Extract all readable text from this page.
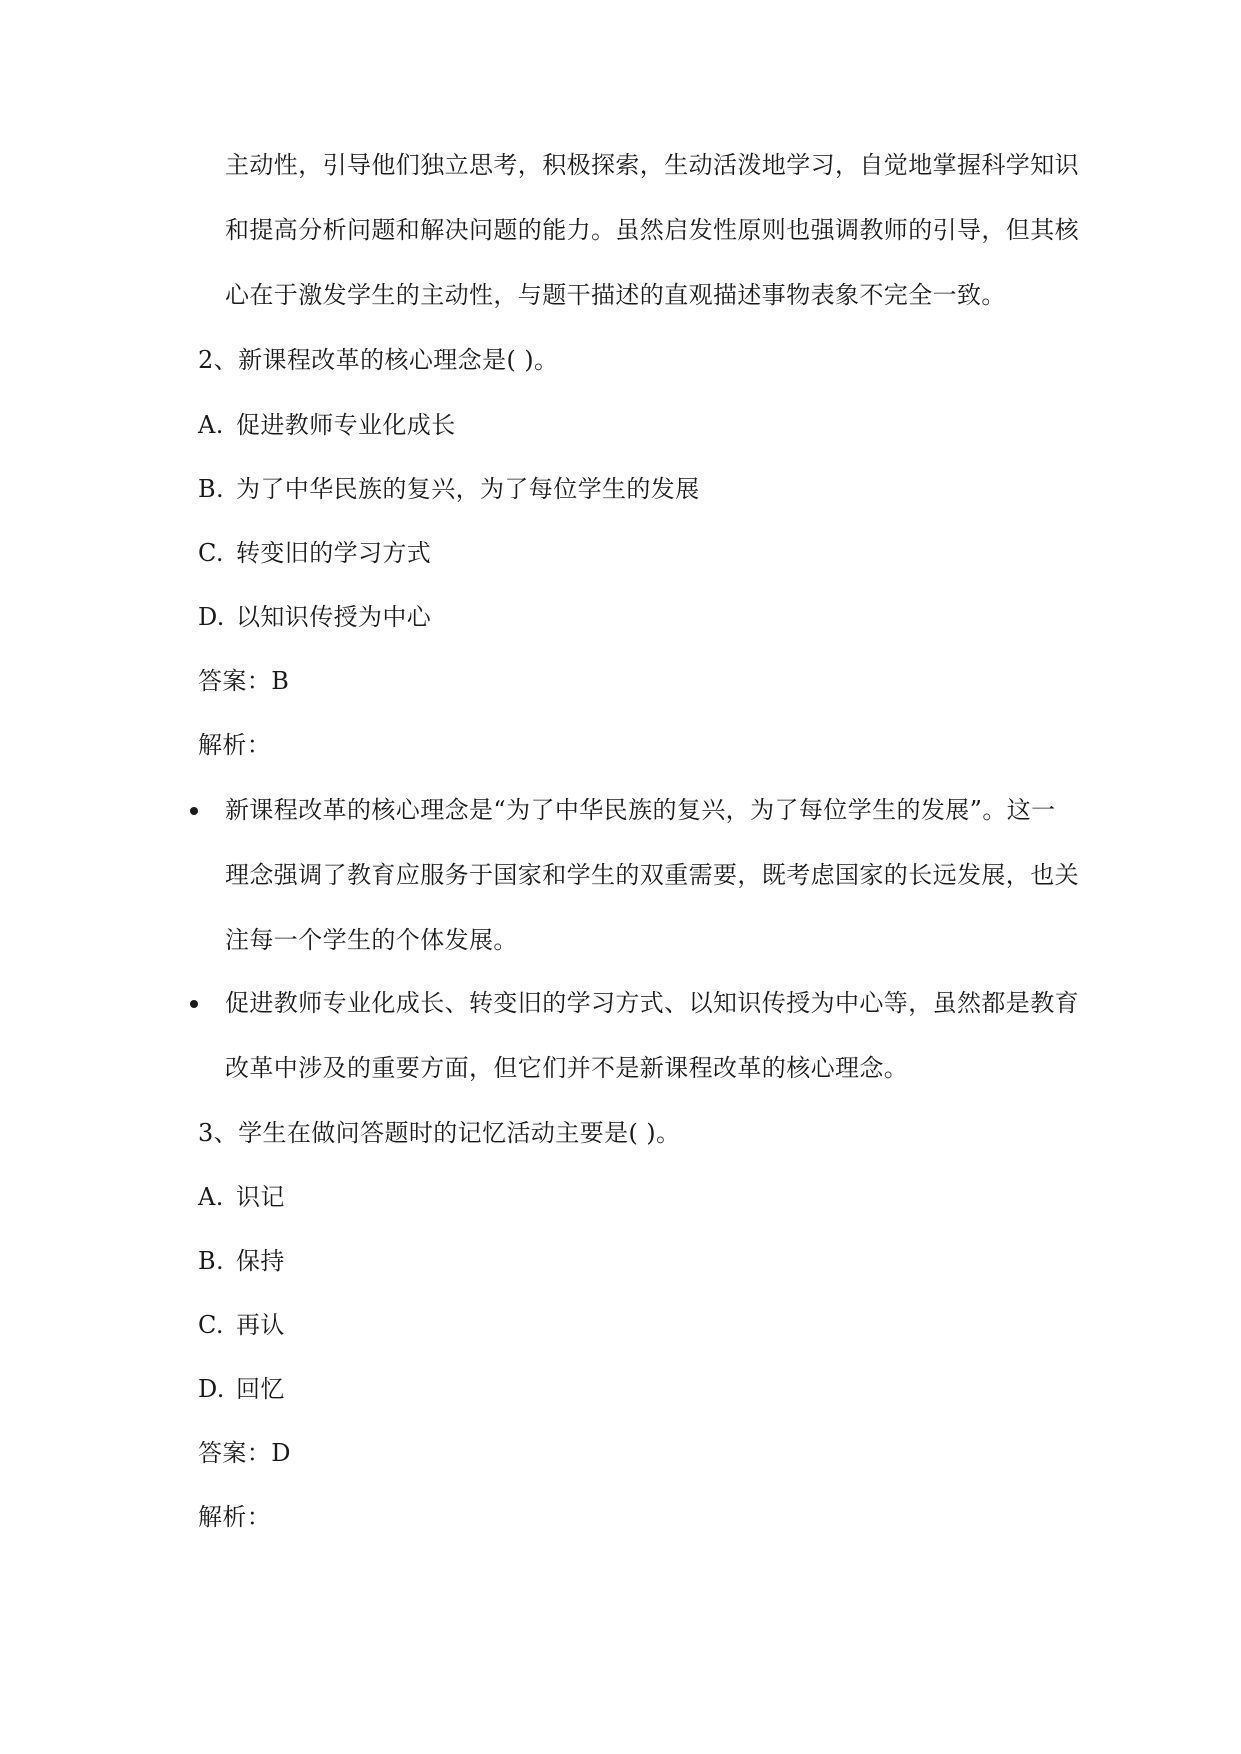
主动性，引导他们独立思考，积极探索，生动活泼地学习，自觉地掌握科学知识
和提高分析问题和解决问题的能力。虽然启发性原则也强调教师的引导，但其核
心在于激发学生的主动性，与题干描述的直观描述事物表象不完全一致。
2、新课程改革的核心理念是( )。
A. 促进教师专业化成长
B. 为了中华民族的复兴，为了每位学生的发展
C. 转变旧的学习方式
D. 以知识传授为中心
答案：B
解析：
新课程改革的核心理念是“为了中华民族的复兴，为了每位学生的发展”。这一
理念强调了教育应服务于国家和学生的双重需要，既考虑国家的长远发展，也关
注每一个学生的个体发展。
促进教师专业化成长、转变旧的学习方式、以知识传授为中心等，虽然都是教育
改革中涉及的重要方面，但它们并不是新课程改革的核心理念。
3、学生在做问答题时的记忆活动主要是( )。
A. 识记
B. 保持
C. 再认
D. 回忆
答案：D
解析：
